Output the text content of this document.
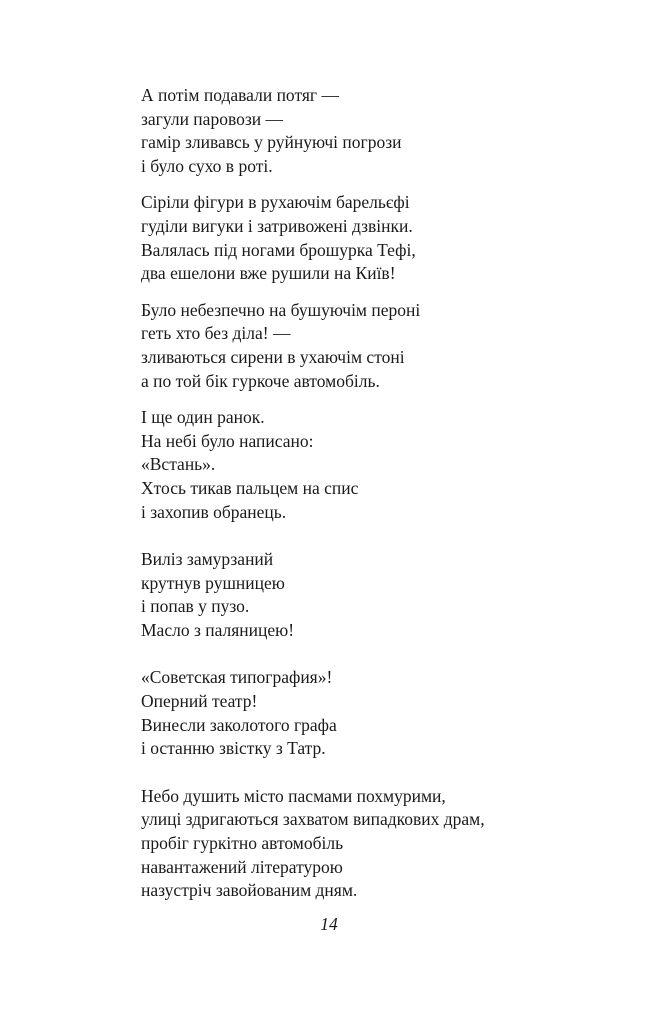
А потім подавали потяг —
загули паровози —
гамір зливавсь у руйнуючі погрози
і було сухо в роті.
Сіріли фігури в рухаючім барельєфі
гуділи вигуки і затривожені дзвінки.
Валялась під ногами брошурка Тефі,
два ешелони вже рушили на Київ!
Було небезпечно на бушуючім пероні
геть хто без діла! —
зливаються сирени в ухаючім стоні
а по той бік гуркоче автомобіль.
І ще один ранок.
На небі було написано:
«Встань».
Хтось тикав пальцем на спис
і захопив обранець.
Виліз замурзаний
крутнув рушницею
і попав у пузо.
Масло з паляницею!
«Советская типография»!
Оперний театр!
Винесли заколотого графа
і останню звістку з Татр.
Небо душить місто пасмами похмурими,
улиці здригаються захватом випадкових драм,
пробіг гуркітно автомобіль
навантажений літературою
назустріч завойованим дням.
14
